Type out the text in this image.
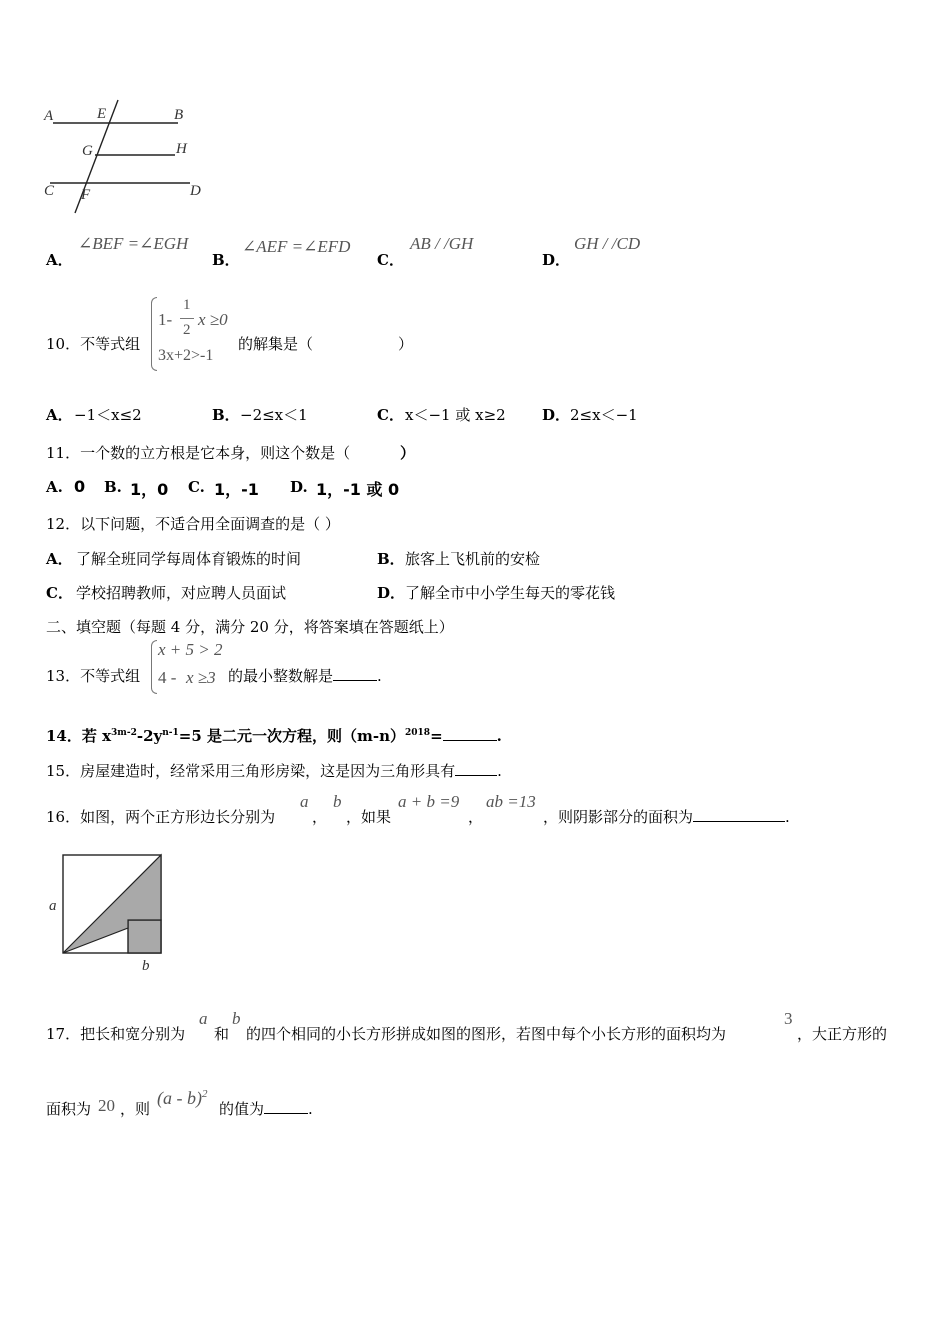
A	E	B
G	H
C F	D
A．
∠BEF =∠EGH
B．
∠AEF =∠EFD
C．
AB / /GH
D．
GH / /CD
10．不等式组
1-
1
2
x ≥0
3x+2>-1
的解集是（	）
A． −1＜x≤2	B． −2≤x＜1	C． x＜−1 或 x≥2 D． 2≤x＜−1
11．一个数的立方根是它本身，则这个数是（	）
A. 0 B. 1，0 C. 1，-1 D. 1，-1 或 0
12．以下问题，不适合用全面调查的是（ ）
A． 了解全班同学每周体育锻炼的时间	B． 旅客上飞机前的安检
C． 学校招聘教师，对应聘人员面试	D． 了解全市中小学生每天的零花钱
二、填空题（每题 4 分，满分 20 分，将答案填在答题纸上）
13．不等式组
x + 5 > 2
4 - x ≥3 的最小整数解是	.
14．若 $x^{3m-2}-2y^{n-1}=5$ 是二元一次方程，则$(m-n)^{2018}=$	.
15．房屋建造时，经常采用三角形房梁，这是因为三角形具有	.
16．如图，两个正方形边长分别为
a
，
b
，如果
a + b =9
，
ab =13
，则阴影部分的面积为	.
a
b
17．把长和宽分别为
a
和
b
的四个相同的小长方形拼成如图的图形，若图中每个小长方形的面积均为
3
，大正方形的
面积为 20 ，则
(a - b)$^2$
的值为	.
